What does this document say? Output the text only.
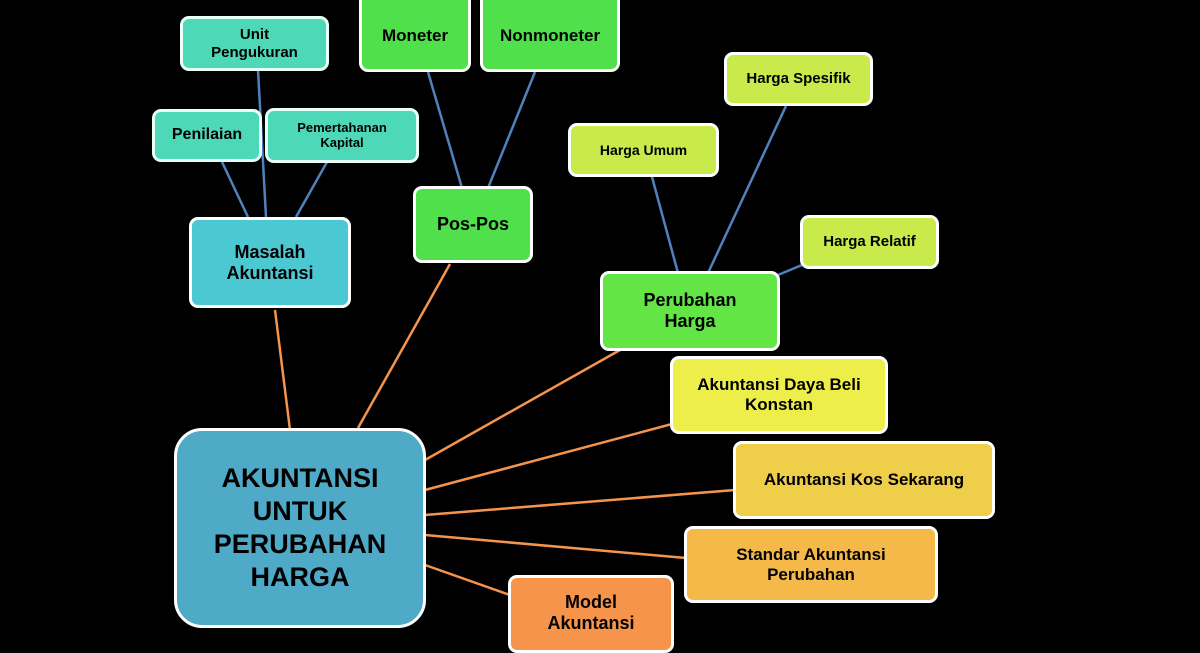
AKUNTANSI
UNTUK
PERUBAHAN
HARGA
Masalah
Akuntansi
Pos-Pos
Perubahan
Harga
Akuntansi Daya Beli
Konstan
Akuntansi Kos Sekarang
Standar Akuntansi
Perubahan
Model
Akuntansi
Unit
Pengukuran
Penilaian	Pemertahanan
Kapital
Moneter	Nonmoneter
Harga Spesifik
Harga Umum
Harga Relatif
